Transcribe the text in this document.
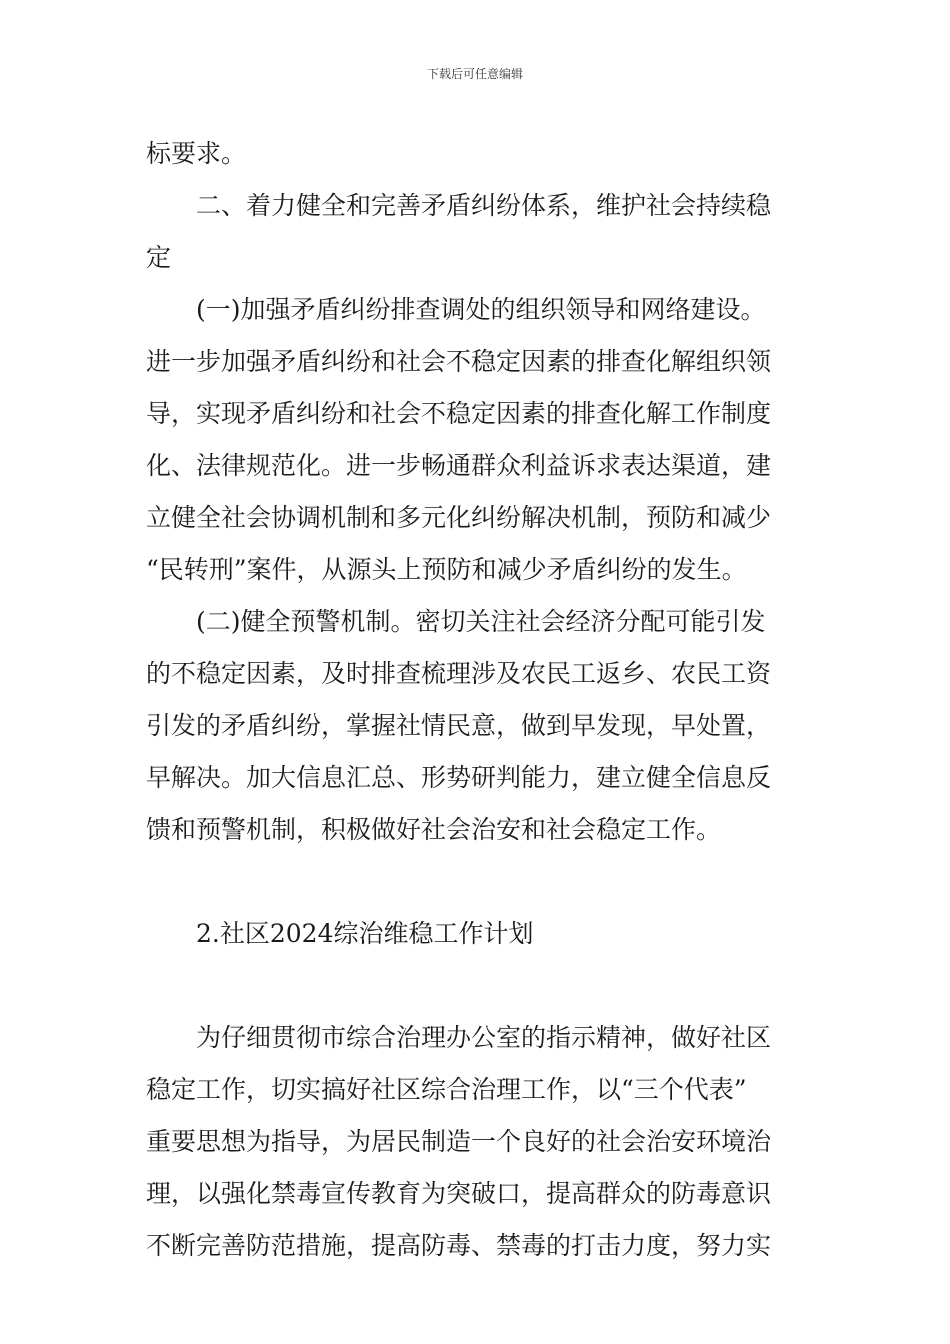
下载后可任意编辑
标要求。
二、着力健全和完善矛盾纠纷体系，维护社会持续稳
定
(一)加强矛盾纠纷排查调处的组织领导和网络建设。
进一步加强矛盾纠纷和社会不稳定因素的排查化解组织领
导，实现矛盾纠纷和社会不稳定因素的排查化解工作制度
化、法律规范化。进一步畅通群众利益诉求表达渠道，建
立健全社会协调机制和多元化纠纷解决机制，预防和减少
“民转刑”案件，从源头上预防和减少矛盾纠纷的发生。
(二)健全预警机制。密切关注社会经济分配可能引发
的不稳定因素，及时排查梳理涉及农民工返乡、农民工资
引发的矛盾纠纷，掌握社情民意，做到早发现，早处置，
早解决。加大信息汇总、形势研判能力，建立健全信息反
馈和预警机制，积极做好社会治安和社会稳定工作。
2.社区2024综治维稳工作计划
为仔细贯彻市综合治理办公室的指示精神，做好社区
稳定工作，切实搞好社区综合治理工作，以“三个代表”
重要思想为指导，为居民制造一个良好的社会治安环境治
理，以强化禁毒宣传教育为突破口，提高群众的防毒意识
不断完善防范措施，提高防毒、禁毒的打击力度，努力实
